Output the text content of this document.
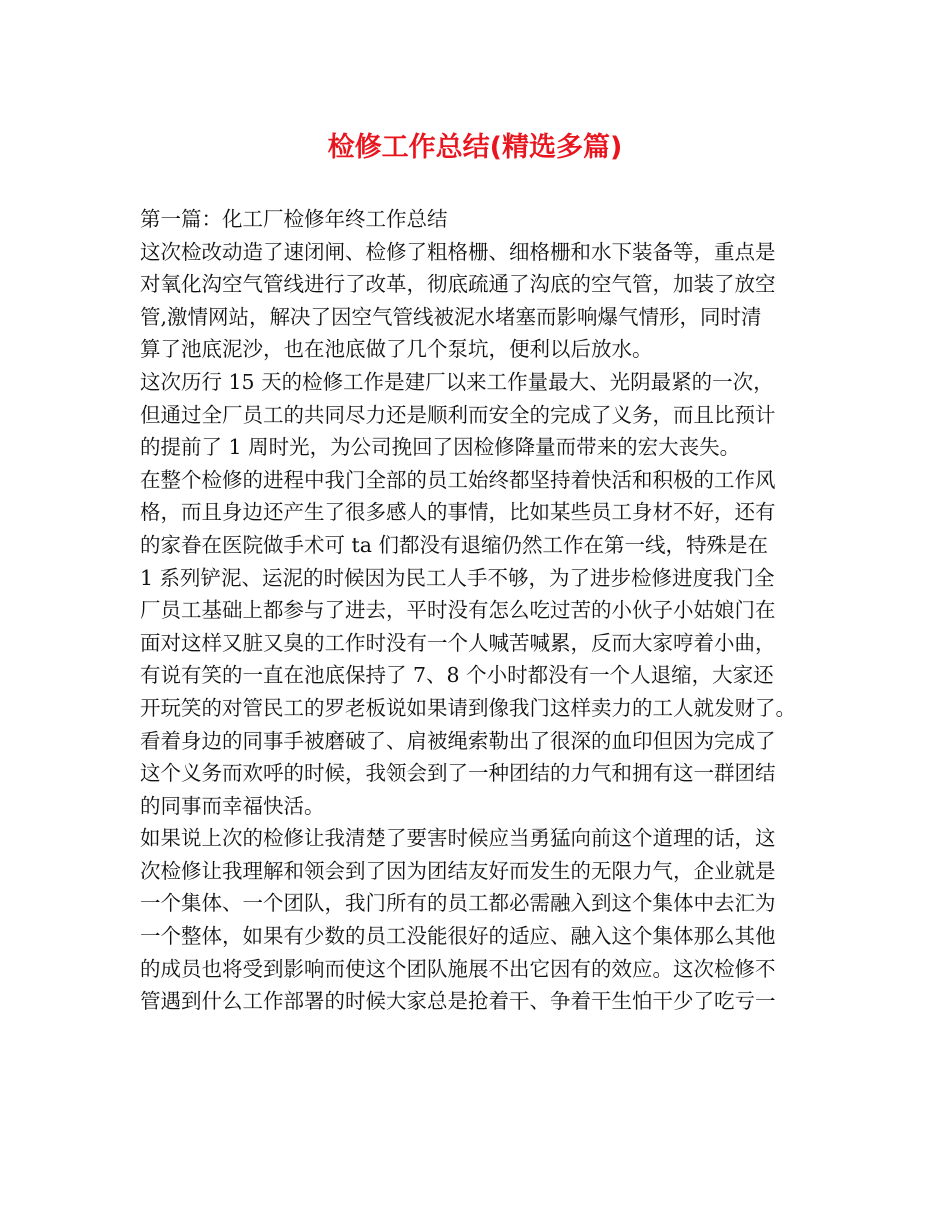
检修工作总结(精选多篇)
第一篇：化工厂检修年终工作总结
这次检改动造了速闭闸、检修了粗格栅、细格栅和水下装备等，重点是
对氧化沟空气管线进行了改革，彻底疏通了沟底的空气管，加装了放空
管,激情网站，解决了因空气管线被泥水堵塞而影响爆气情形，同时清
算了池底泥沙，也在池底做了几个泵坑，便利以后放水。
这次历行 15 天的检修工作是建厂以来工作量最大、光阴最紧的一次，
但通过全厂员工的共同尽力还是顺利而安全的完成了义务，而且比预计
的提前了 1 周时光，为公司挽回了因检修降量而带来的宏大丧失。
在整个检修的进程中我门全部的员工始终都坚持着快活和积极的工作风
格，而且身边还产生了很多感人的事情，比如某些员工身材不好，还有
的家眷在医院做手术可 ta 们都没有退缩仍然工作在第一线，特殊是在
1 系列铲泥、运泥的时候因为民工人手不够，为了进步检修进度我门全
厂员工基础上都参与了进去，平时没有怎么吃过苦的小伙子小姑娘门在
面对这样又脏又臭的工作时没有一个人喊苦喊累，反而大家哼着小曲，
有说有笑的一直在池底保持了 7、8 个小时都没有一个人退缩，大家还
开玩笑的对管民工的罗老板说如果请到像我门这样卖力的工人就发财了。
看着身边的同事手被磨破了、肩被绳索勒出了很深的血印但因为完成了
这个义务而欢呼的时候，我领会到了一种团结的力气和拥有这一群团结
的同事而幸福快活。
如果说上次的检修让我清楚了要害时候应当勇猛向前这个道理的话，这
次检修让我理解和领会到了因为团结友好而发生的无限力气，企业就是
一个集体、一个团队，我门所有的员工都必需融入到这个集体中去汇为
一个整体，如果有少数的员工没能很好的适应、融入这个集体那么其他
的成员也将受到影响而使这个团队施展不出它因有的效应。这次检修不
管遇到什么工作部署的时候大家总是抢着干、争着干生怕干少了吃亏一
